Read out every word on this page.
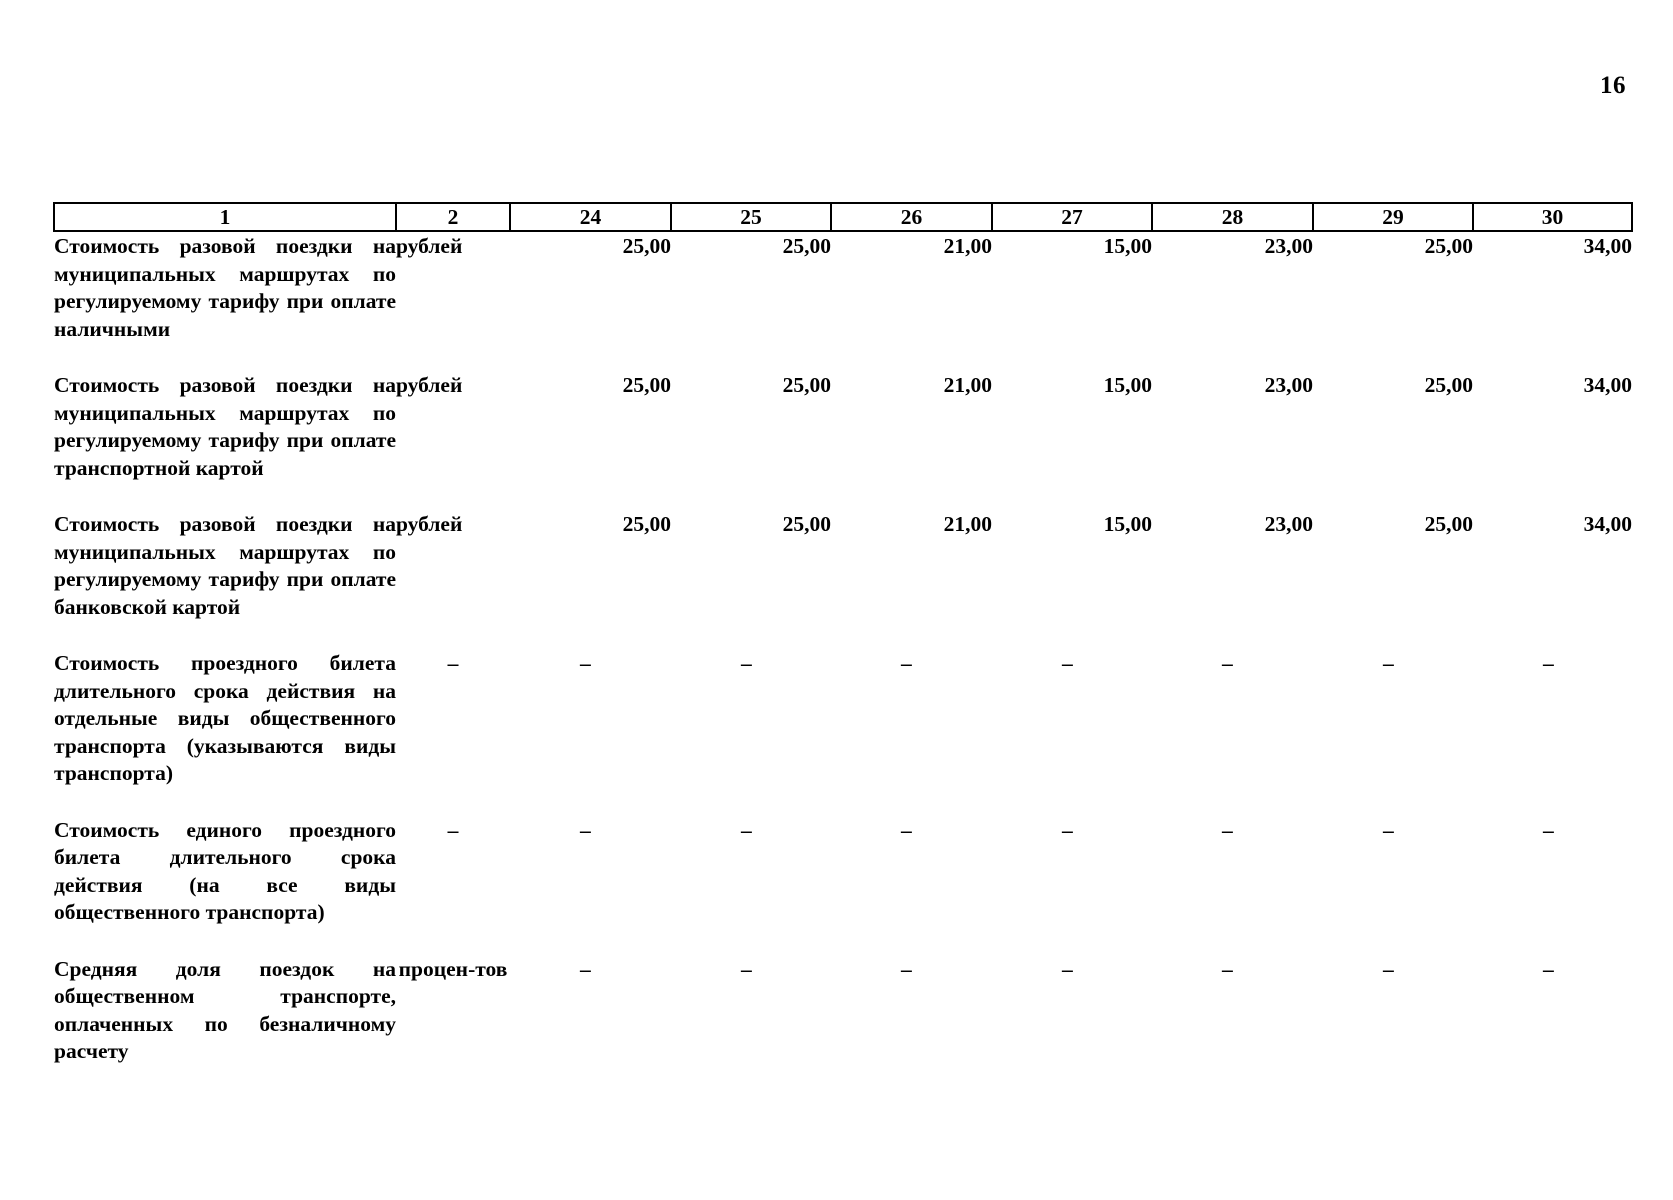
16
1	2	24	25	26	27	28	29	30
Стоимость разовой поездки на муниципальных маршрутах по регулируемому тарифу при оплате наличными	рублей	25,00	25,00	21,00	15,00	23,00	25,00	34,00
Стоимость разовой поездки на муниципальных маршрутах по регулируемому тарифу при оплате транспортной картой	рублей	25,00	25,00	21,00	15,00	23,00	25,00	34,00
Стоимость разовой поездки на муниципальных маршрутах по регулируемому тарифу при оплате банковской картой	рублей	25,00	25,00	21,00	15,00	23,00	25,00	34,00
Стоимость проездного билета длительного срока действия на отдельные виды общественного транспорта (указываются виды транспорта)	–	–	–	–	–	–	–	–
Стоимость единого проездного билета длительного срока действия (на все виды общественного транспорта)	–	–	–	–	–	–	–	–
Средняя доля поездок на общественном транспорте, оплаченных по безналичному расчету	процен-тов	–	–	–	–	–	–	–
